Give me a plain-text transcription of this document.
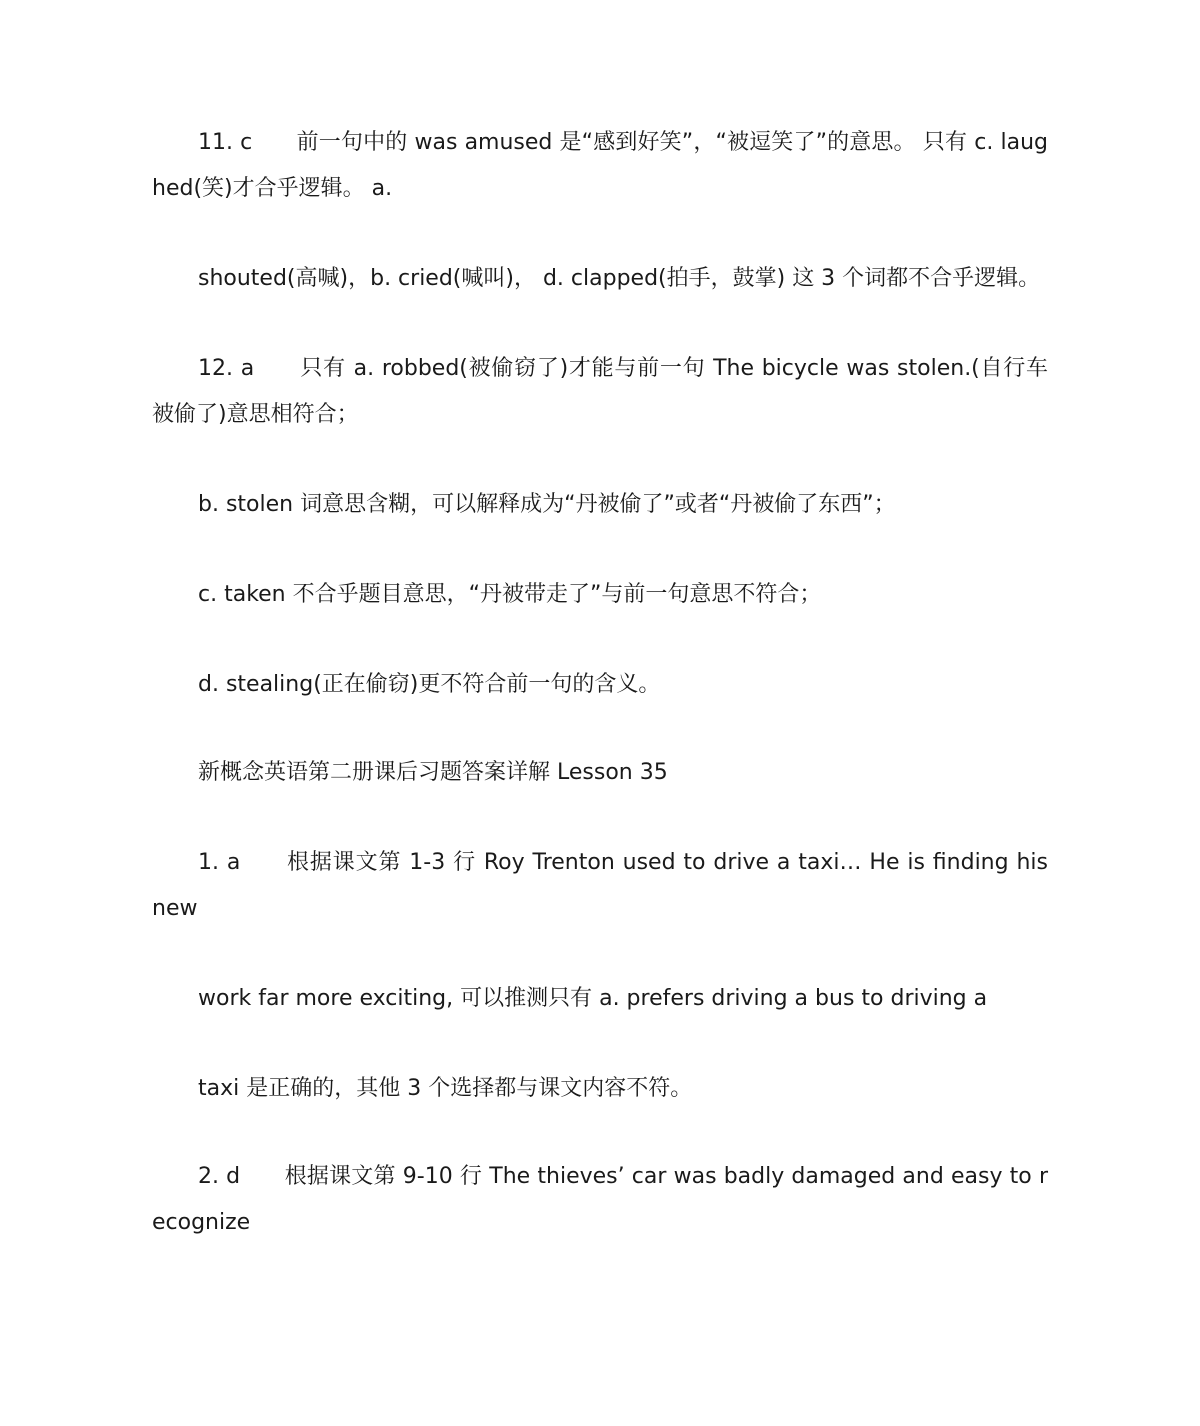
11. c　　前一句中的 was amused 是“感到好笑”，“被逗笑了”的意思。 只有 c. laughed(笑)才合乎逻辑。 a.

shouted(高喊)，b. cried(喊叫)， d. clapped(拍手，鼓掌) 这 3 个词都不合乎逻辑。

12. a　　只有 a. robbed(被偷窃了)才能与前一句 The bicycle was stolen.(自行车被偷了)意思相符合；

b. stolen 词意思含糊，可以解释成为“丹被偷了”或者“丹被偷了东西”；

c. taken 不合乎题目意思，“丹被带走了”与前一句意思不符合；

d. stealing(正在偷窃)更不符合前一句的含义。

新概念英语第二册课后习题答案详解 Lesson 35

1. a　　根据课文第 1-3 行 Roy Trenton used to drive a taxi… He is finding his new

work far more exciting, 可以推测只有 a. prefers driving a bus to driving a

taxi 是正确的，其他 3 个选择都与课文内容不符。

2. d　　根据课文第 9-10 行 The thieves’ car was badly damaged and easy to recognize
